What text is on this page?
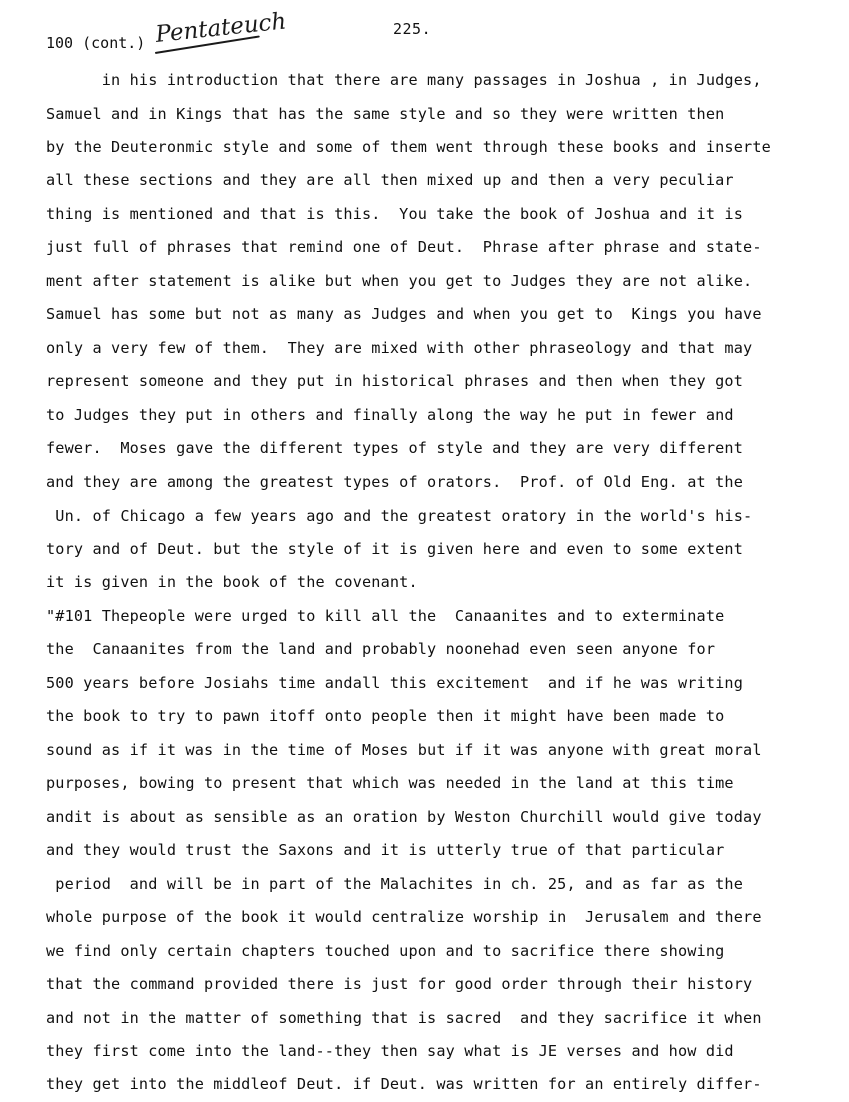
225.
100 (cont.) Pentateuch
in his introduction that there are many passages in Joshua , in Judges,
Samuel and in Kings that has the same style and so they were written then
by the Deuteronmic style and some of them went through these books and inserte
all these sections and they are all then mixed up and then a very peculiar
thing is mentioned and that is this.  You take the book of Joshua and it is
just full of phrases that remind one of Deut.  Phrase after phrase and state-
ment after statement is alike but when you get to Judges they are not alike.
Samuel has some but not as many as Judges and when you get to  Kings you have
only a very few of them.  They are mixed with other phraseology and that may
represent someone and they put in historical phrases and then when they got
to Judges they put in others and finally along the way he put in fewer and
fewer.  Moses gave the different types of style and they are very different
and they are among the greatest types of orators.  Prof. of Old Eng. at the
Un. of Chicago a few years ago and the greatest oratory in the world's his-
tory and of Deut. but the style of it is given here and even to some extent
it is given in the book of the covenant.
"#101 Thepeople were urged to kill all the  Canaanites and to exterminate
the  Canaanites from the land and probably noonehad even seen anyone for
500 years before Josiahs time andall this excitement  and if he was writing
the book to try to pawn itoff onto people then it might have been made to
sound as if it was in the time of Moses but if it was anyone with great moral
purposes, bowing to present that which was needed in the land at this time
andit is about as sensible as an oration by Weston Churchill would give today
and they would trust the Saxons and it is utterly true of that particular
period  and will be in part of the Malachites in ch. 25, and as far as the
whole purpose of the book it would centralize worship in  Jerusalem and there
we find only certain chapters touched upon and to sacrifice there showing
that the command provided there is just for good order through their history
and not in the matter of something that is sacred  and they sacrifice it when
they first come into the land--they then say what is JE verses and how did
they get into the middleof Deut. if Deut. was written for an entirely differ-
